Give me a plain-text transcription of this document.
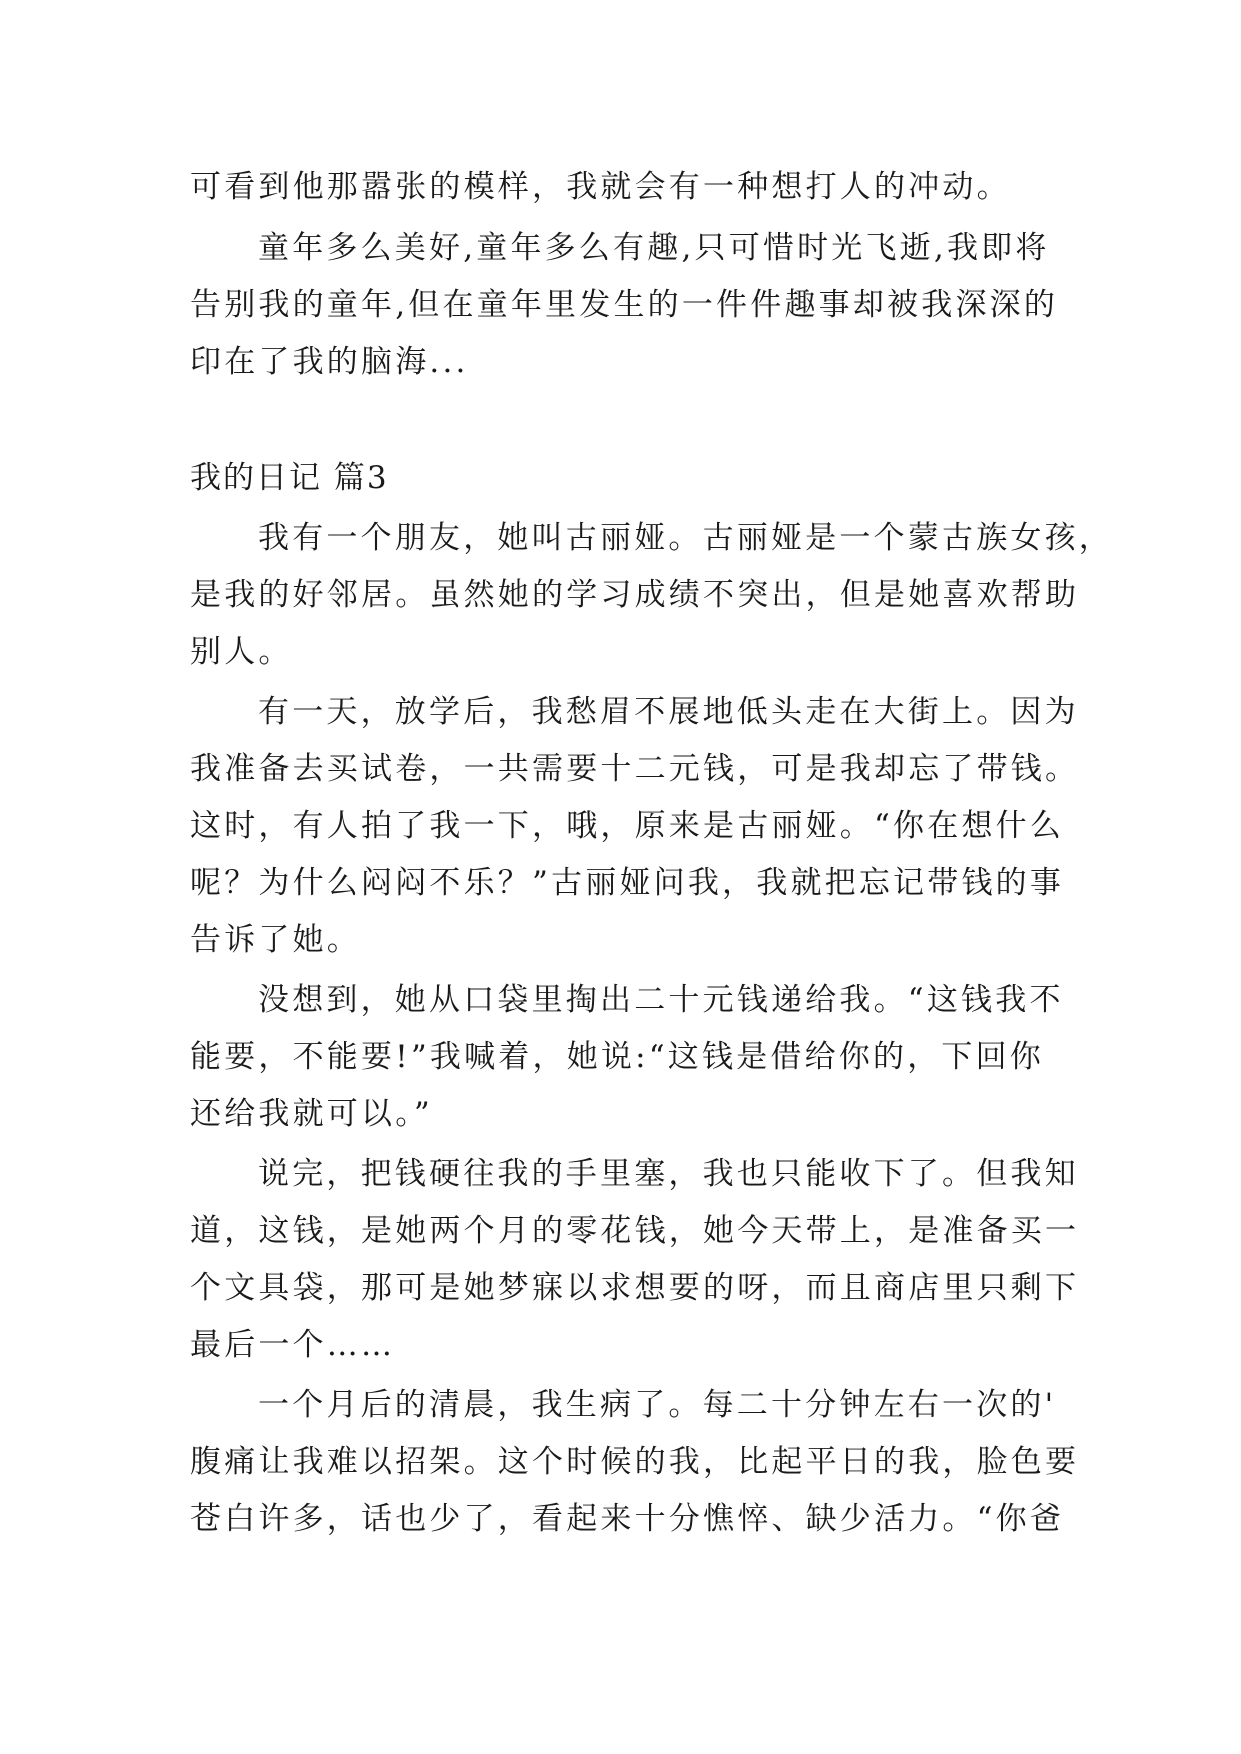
可看到他那嚣张的模样，我就会有一种想打人的冲动。
童年多么美好,童年多么有趣,只可惜时光飞逝,我即将
告别我的童年,但在童年里发生的一件件趣事却被我深深的
印在了我的脑海...
我的日记 篇3
我有一个朋友，她叫古丽娅。古丽娅是一个蒙古族女孩，
是我的好邻居。虽然她的学习成绩不突出，但是她喜欢帮助
别人。
有一天，放学后，我愁眉不展地低头走在大街上。因为
我准备去买试卷，一共需要十二元钱，可是我却忘了带钱。
这时，有人拍了我一下，哦，原来是古丽娅。“你在想什么
呢？为什么闷闷不乐？”古丽娅问我，我就把忘记带钱的事
告诉了她。
没想到，她从口袋里掏出二十元钱递给我。“这钱我不
能要，不能要!”我喊着，她说:“这钱是借给你的，下回你
还给我就可以。”
说完，把钱硬往我的手里塞，我也只能收下了。但我知
道，这钱，是她两个月的零花钱，她今天带上，是准备买一
个文具袋，那可是她梦寐以求想要的呀，而且商店里只剩下
最后一个……
一个月后的清晨，我生病了。每二十分钟左右一次的'
腹痛让我难以招架。这个时候的我，比起平日的我，脸色要
苍白许多，话也少了，看起来十分憔悴、缺少活力。“你爸
